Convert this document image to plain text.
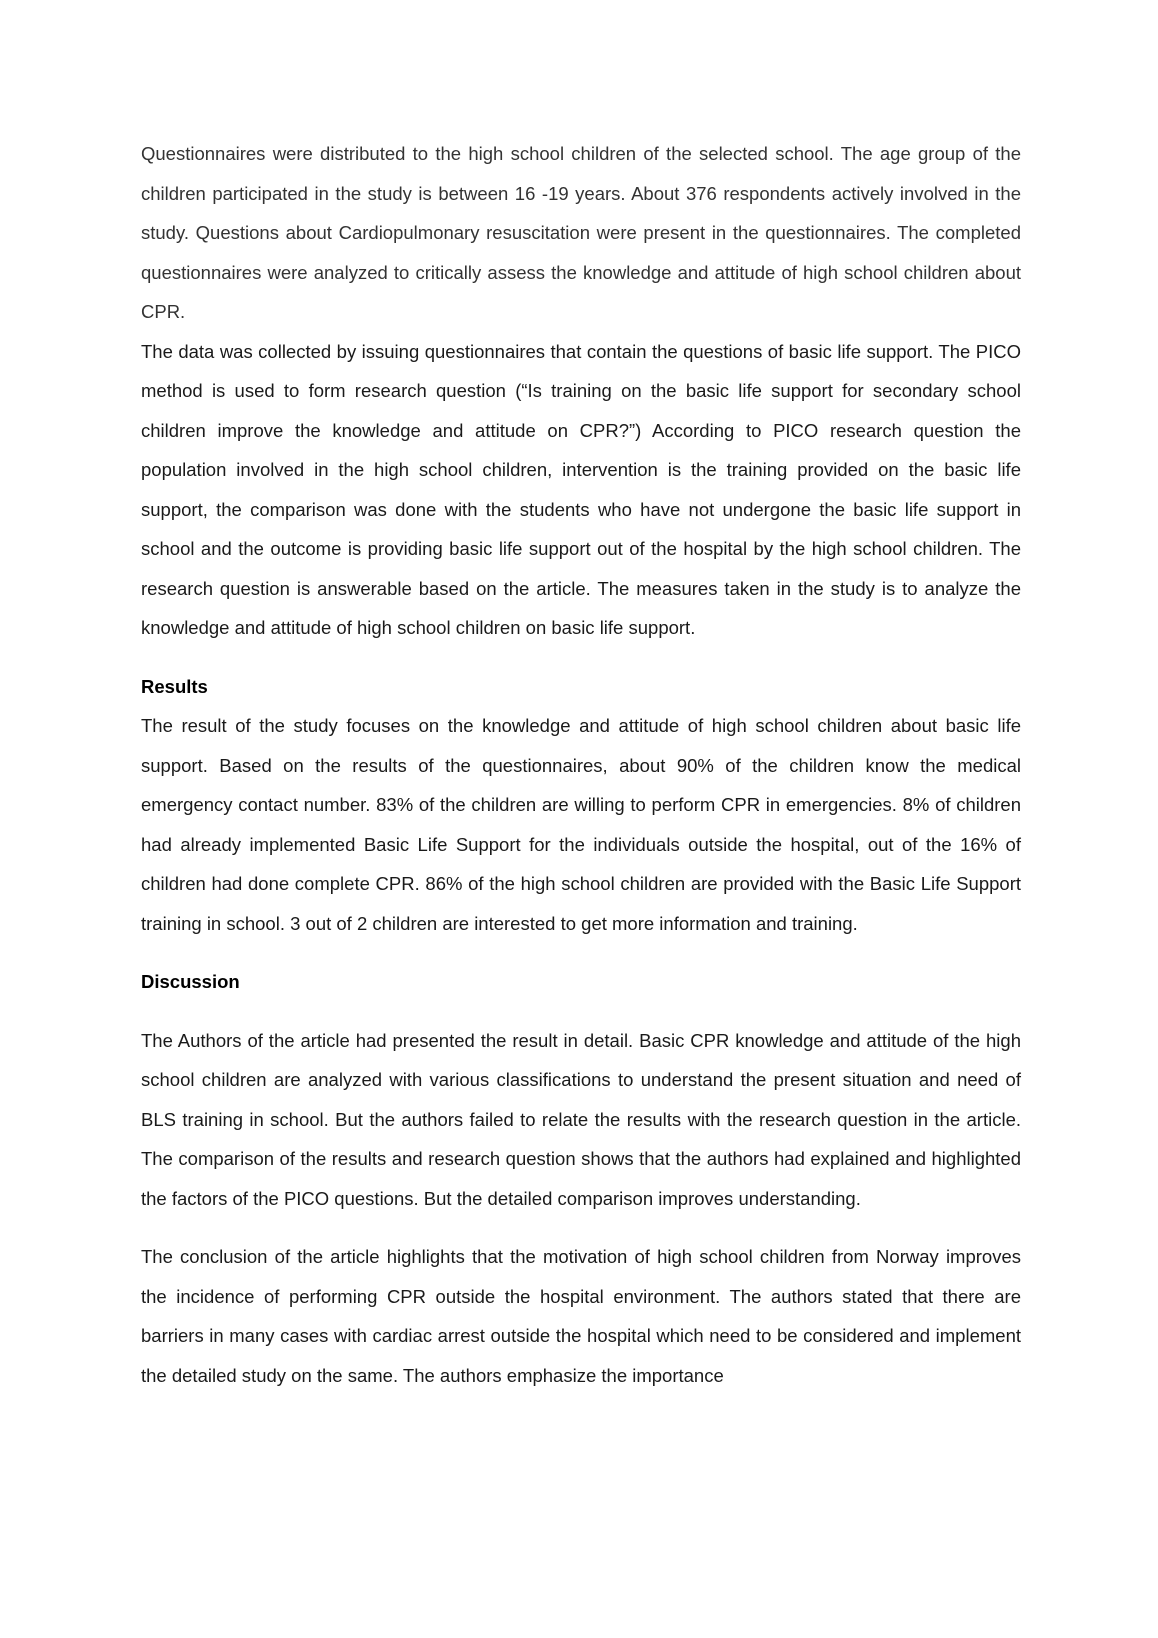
Questionnaires were distributed to the high school children of the selected school. The age group of the children participated in the study is between 16 -19 years. About 376 respondents actively involved in the study. Questions about Cardiopulmonary resuscitation were present in the questionnaires. The completed questionnaires were analyzed to critically assess the knowledge and attitude of high school children about CPR.

The data was collected by issuing questionnaires that contain the questions of basic life support. The PICO method is used to form research question (“Is training on the basic life support for secondary school children improve the knowledge and attitude on CPR?”) According to PICO research question the population involved in the high school children, intervention is the training provided on the basic life support, the comparison was done with the students who have not undergone the basic life support in school and the outcome is providing basic life support out of the hospital by the high school children. The research question is answerable based on the article. The measures taken in the study is to analyze the knowledge and attitude of high school children on basic life support.

Results

The result of the study focuses on the knowledge and attitude of high school children about basic life support. Based on the results of the questionnaires, about 90% of the children know the medical emergency contact number. 83% of the children are willing to perform CPR in emergencies. 8% of children had already implemented Basic Life Support for the individuals outside the hospital, out of the 16% of children had done complete CPR. 86% of the high school children are provided with the Basic Life Support training in school. 3 out of 2 children are interested to get more information and training.

Discussion

The Authors of the article had presented the result in detail. Basic CPR knowledge and attitude of the high school children are analyzed with various classifications to understand the present situation and need of BLS training in school. But the authors failed to relate the results with the research question in the article. The comparison of the results and research question shows that the authors had explained and highlighted the factors of the PICO questions. But the detailed comparison improves understanding.

The conclusion of the article highlights that the motivation of high school children from Norway improves the incidence of performing CPR outside the hospital environment. The authors stated that there are barriers in many cases with cardiac arrest outside the hospital which need to be considered and implement the detailed study on the same. The authors emphasize the importance
